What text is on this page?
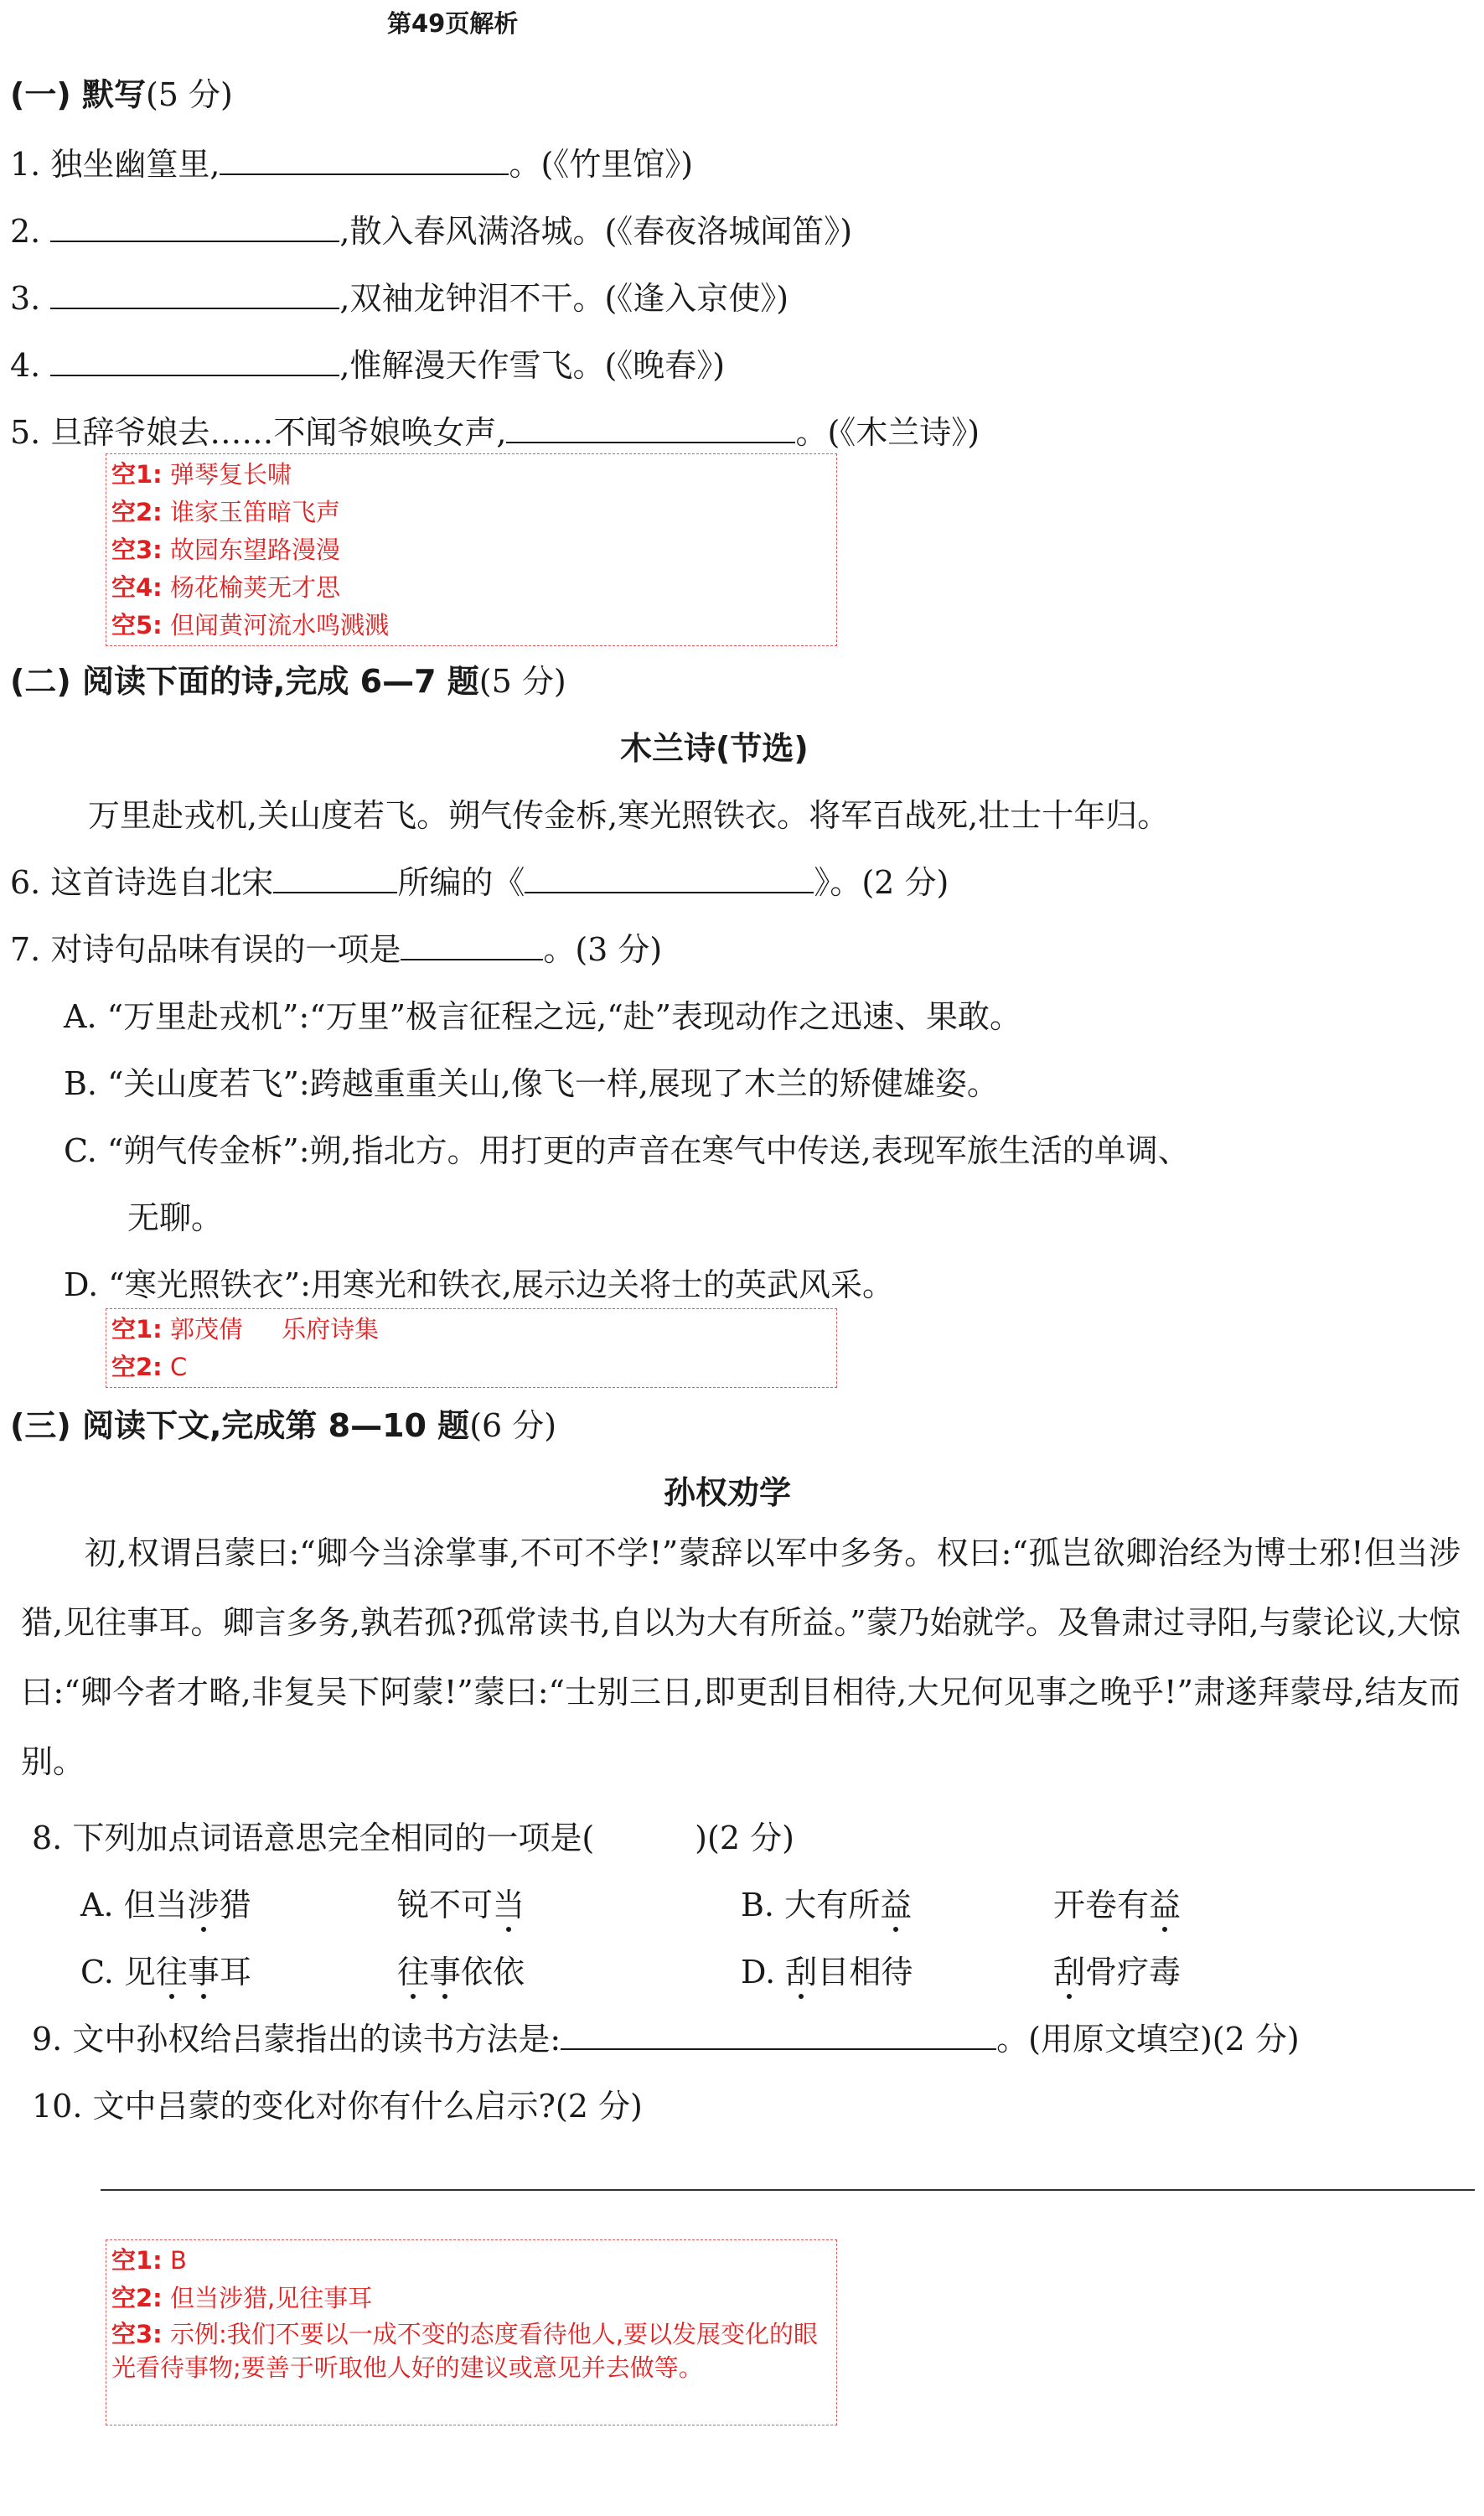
第49页解析
(一) 默写(5 分)
1. 独坐幽篁里,	。(《竹里馆》)
2.	,散入春风满洛城。(《春夜洛城闻笛》)
3.	,双袖龙钟泪不干。(《逢入京使》)
4.	,惟解漫天作雪飞。(《晚春》)
5. 旦辞爷娘去……不闻爷娘唤女声,	。(《木兰诗》)
空1: 弹琴复长啸
空2: 谁家玉笛暗飞声
空3: 故园东望路漫漫
空4: 杨花榆荚无才思
空5: 但闻黄河流水鸣溅溅
(二) 阅读下面的诗,完成 6—7 题(5 分)
木兰诗(节选)
万里赴戎机,关山度若飞。朔气传金柝,寒光照铁衣。将军百战死,壮士十年归。
6. 这首诗选自北宋	所编的《	》。(2 分)
7. 对诗句品味有误的一项是	。(3 分)
A. “万里赴戎机”:“万里”极言征程之远,“赴”表现动作之迅速、果敢。
B. “关山度若飞”:跨越重重关山,像飞一样,展现了木兰的矫健雄姿。
C. “朔气传金柝”:朔,指北方。用打更的声音在寒气中传送,表现军旅生活的单调、
无聊。
D. “寒光照铁衣”:用寒光和铁衣,展示边关将士的英武风采。
空1: 郭茂倩     乐府诗集
空2: C
(三) 阅读下文,完成第 8—10 题(6 分)
孙权劝学
初,权谓吕蒙曰:“卿今当涂掌事,不可不学!”蒙辞以军中多务。权曰:“孤岂欲卿治经为博士邪!但当涉猎,见往事耳。卿言多务,孰若孤?孤常读书,自以为大有所益。”蒙乃始就学。及鲁肃过寻阳,与蒙论议,大惊曰:“卿今者才略,非复吴下阿蒙!”蒙曰:“士别三日,即更刮目相待,大兄何见事之晚乎!”肃遂拜蒙母,结友而别。
8. 下列加点词语意思完全相同的一项是(	)(2 分)
A. 但当涉猎	锐不可当	B. 大有所益	开卷有益
C. 见往事耳	往事依依	D. 刮目相待	刮骨疗毒
9. 文中孙权给吕蒙指出的读书方法是:	。(用原文填空)(2 分)
10. 文中吕蒙的变化对你有什么启示?(2 分)
空1: B
空2: 但当涉猎,见往事耳
空3: 示例:我们不要以一成不变的态度看待他人,要以发展变化的眼光看待事物;要善于听取他人好的建议或意见并去做等。
